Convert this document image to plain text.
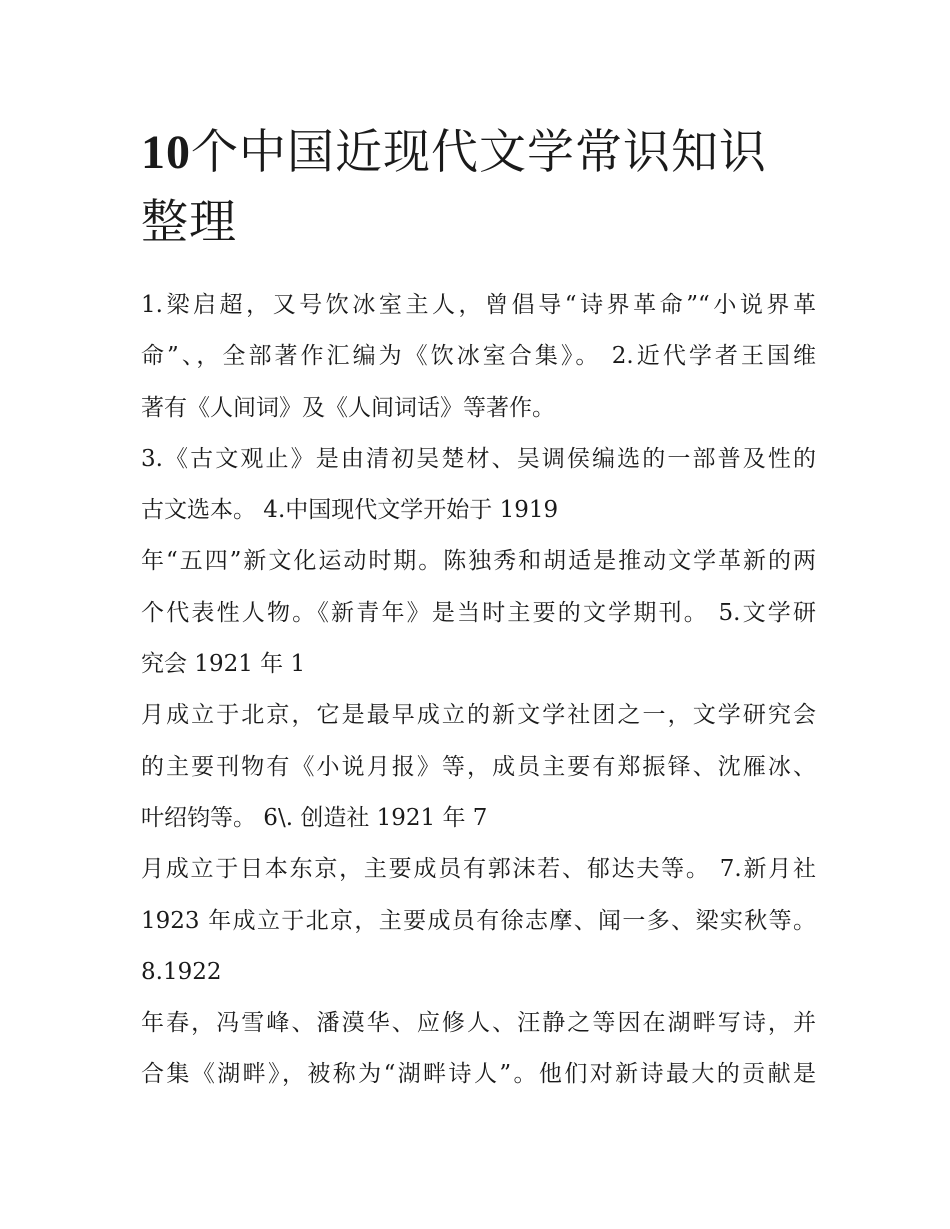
10个中国近现代文学常识知识
整理
1.梁启超，又号饮冰室主人，曾倡导“诗界革命”“小说界革
命”、，全部著作汇编为《饮冰室合集》。 2.近代学者王国维
著有《人间词》及《人间词话》等著作。
3.《古文观止》是由清初吴楚材、吴调侯编选的一部普及性的
古文选本。 4.中国现代文学开始于 1919
年“五四”新文化运动时期。陈独秀和胡适是推动文学革新的两
个代表性人物。《新青年》是当时主要的文学期刊。 5.文学研
究会 1921 年 1
月成立于北京，它是最早成立的新文学社团之一，文学研究会
的主要刊物有《小说月报》等，成员主要有郑振铎、沈雁冰、
叶绍钧等。 6\. 创造社 1921 年 7
月成立于日本东京，主要成员有郭沫若、郁达夫等。 7.新月社
1923 年成立于北京，主要成员有徐志摩、闻一多、梁实秋等。
8.1922
年春，冯雪峰、潘漠华、应修人、汪静之等因在湖畔写诗，并
合集《湖畔》，被称为“湖畔诗人”。他们对新诗最大的贡献是
